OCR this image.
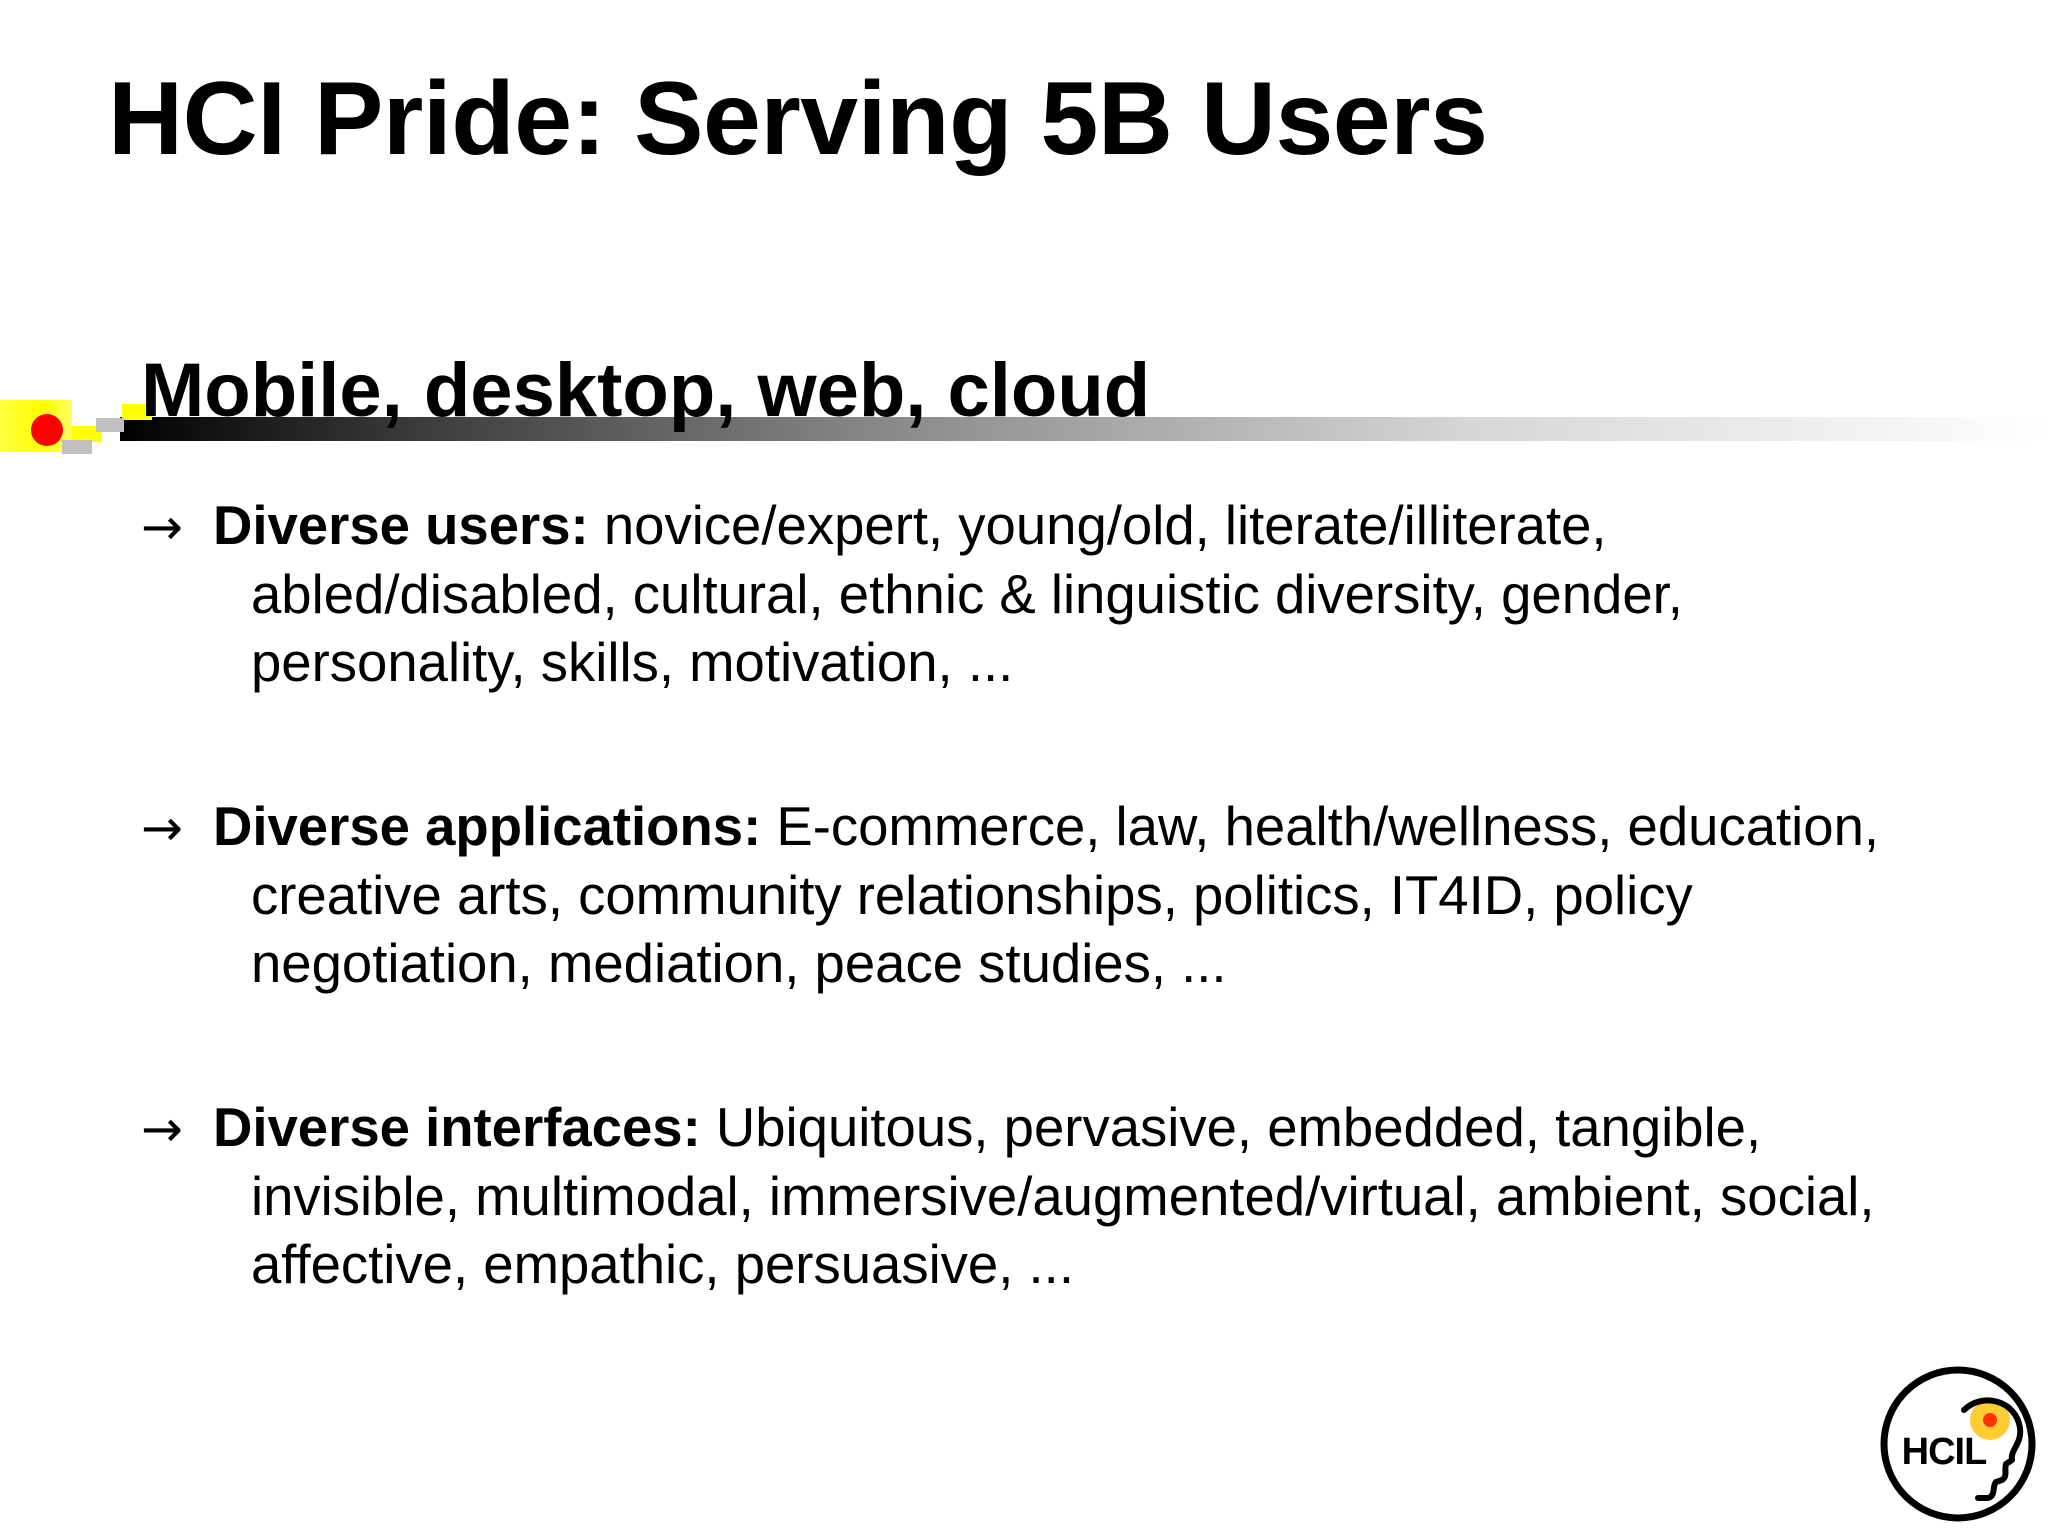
HCI Pride: Serving 5B Users
Mobile, desktop, web, cloud
→ Diverse users: novice/expert, young/old, literate/illiterate, abled/disabled, cultural, ethnic & linguistic diversity, gender, personality, skills, motivation, ...
→ Diverse applications: E-commerce, law, health/wellness, education, creative arts, community relationships, politics, IT4ID, policy negotiation, mediation, peace studies, ...
→ Diverse interfaces: Ubiquitous, pervasive, embedded, tangible, invisible, multimodal, immersive/augmented/virtual, ambient, social, affective, empathic, persuasive, ...
HCIL
